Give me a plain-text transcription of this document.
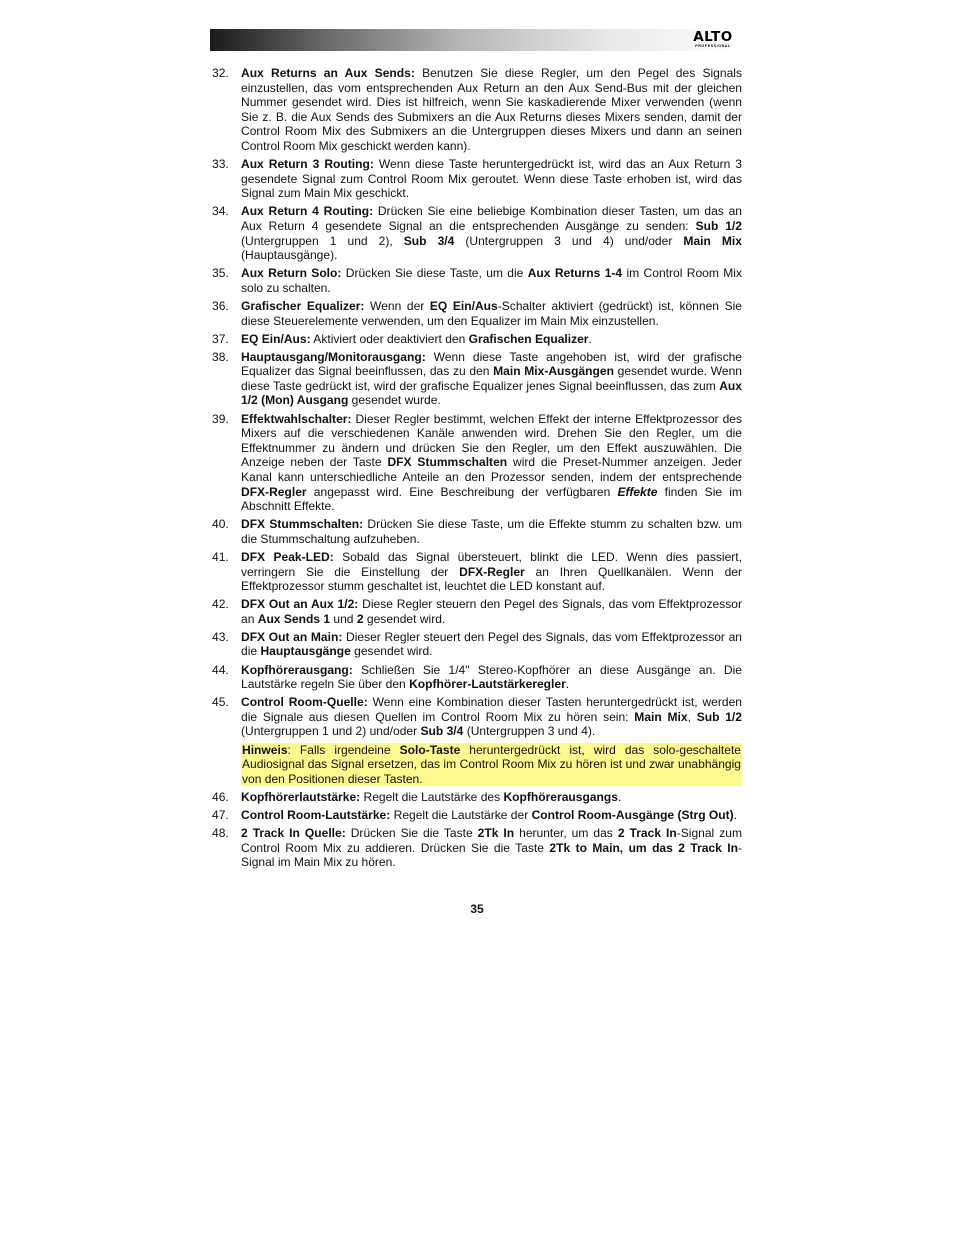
ALTO
PROFESSIONAL
32. Aux Returns an Aux Sends: Benutzen Sie diese Regler, um den Pegel des Signals einzustellen, das vom entsprechenden Aux Return an den Aux Send-Bus mit der gleichen Nummer gesendet wird. Dies ist hilfreich, wenn Sie kaskadierende Mixer verwenden (wenn Sie z. B. die Aux Sends des Submixers an die Aux Returns dieses Mixers senden, damit der Control Room Mix des Submixers an die Untergruppen dieses Mixers und dann an seinen Control Room Mix geschickt werden kann).
33. Aux Return 3 Routing: Wenn diese Taste heruntergedrückt ist, wird das an Aux Return 3 gesendete Signal zum Control Room Mix geroutet. Wenn diese Taste erhoben ist, wird das Signal zum Main Mix geschickt.
34. Aux Return 4 Routing: Drücken Sie eine beliebige Kombination dieser Tasten, um das an Aux Return 4 gesendete Signal an die entsprechenden Ausgänge zu senden: Sub 1/2 (Untergruppen 1 und 2), Sub 3/4 (Untergruppen 3 und 4) und/oder Main Mix (Hauptausgänge).
35. Aux Return Solo: Drücken Sie diese Taste, um die Aux Returns 1-4 im Control Room Mix solo zu schalten.
36. Grafischer Equalizer: Wenn der EQ Ein/Aus-Schalter aktiviert (gedrückt) ist, können Sie diese Steuerelemente verwenden, um den Equalizer im Main Mix einzustellen.
37. EQ Ein/Aus: Aktiviert oder deaktiviert den Grafischen Equalizer.
38. Hauptausgang/Monitorausgang: Wenn diese Taste angehoben ist, wird der grafische Equalizer das Signal beeinflussen, das zu den Main Mix-Ausgängen gesendet wurde. Wenn diese Taste gedrückt ist, wird der grafische Equalizer jenes Signal beeinflussen, das zum Aux 1/2 (Mon) Ausgang gesendet wurde.
39. Effektwahlschalter: Dieser Regler bestimmt, welchen Effekt der interne Effektprozessor des Mixers auf die verschiedenen Kanäle anwenden wird. Drehen Sie den Regler, um die Effektnummer zu ändern und drücken Sie den Regler, um den Effekt auszuwählen. Die Anzeige neben der Taste DFX Stummschalten wird die Preset-Nummer anzeigen. Jeder Kanal kann unterschiedliche Anteile an den Prozessor senden, indem der entsprechende DFX-Regler angepasst wird. Eine Beschreibung der verfügbaren Effekte finden Sie im Abschnitt Effekte.
40. DFX Stummschalten: Drücken Sie diese Taste, um die Effekte stumm zu schalten bzw. um die Stummschaltung aufzuheben.
41. DFX Peak-LED: Sobald das Signal übersteuert, blinkt die LED. Wenn dies passiert, verringern Sie die Einstellung der DFX-Regler an Ihren Quellkanälen. Wenn der Effektprozessor stumm geschaltet ist, leuchtet die LED konstant auf.
42. DFX Out an Aux 1/2: Diese Regler steuern den Pegel des Signals, das vom Effektprozessor an Aux Sends 1 und 2 gesendet wird.
43. DFX Out an Main: Dieser Regler steuert den Pegel des Signals, das vom Effektprozessor an die Hauptausgänge gesendet wird.
44. Kopfhörerausgang: Schließen Sie 1/4" Stereo-Kopfhörer an diese Ausgänge an. Die Lautstärke regeln Sie über den Kopfhörer-Lautstärkeregler.
45. Control Room-Quelle: Wenn eine Kombination dieser Tasten heruntergedrückt ist, werden die Signale aus diesen Quellen im Control Room Mix zu hören sein: Main Mix, Sub 1/2 (Untergruppen 1 und 2) und/oder Sub 3/4 (Untergruppen 3 und 4).
Hinweis: Falls irgendeine Solo-Taste heruntergedrückt ist, wird das solo-geschaltete Audiosignal das Signal ersetzen, das im Control Room Mix zu hören ist und zwar unabhängig von den Positionen dieser Tasten.
46. Kopfhörerlautstärke: Regelt die Lautstärke des Kopfhörerausgangs.
47. Control Room-Lautstärke: Regelt die Lautstärke der Control Room-Ausgänge (Strg Out).
48. 2 Track In Quelle: Drücken Sie die Taste 2Tk In herunter, um das 2 Track In-Signal zum Control Room Mix zu addieren. Drücken Sie die Taste 2Tk to Main, um das 2 Track In-Signal im Main Mix zu hören.
35
